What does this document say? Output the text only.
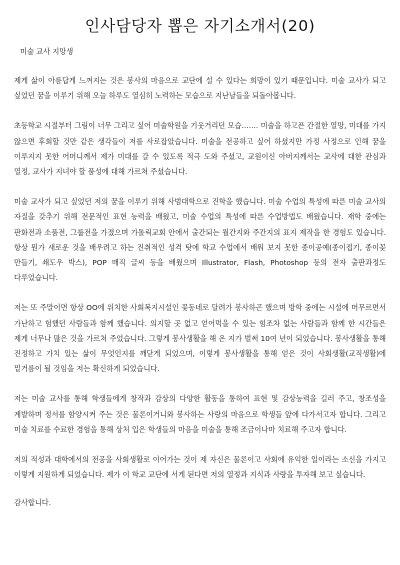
인사담당자 뽑은 자기소개서(20)

미술 교사 지망생

제게 삶이 아름답게 느껴지는 것은 봉사의 마음으로 교단에 설 수 있다는 희망이 있기 때문입니다. 미술 교사가 되고 싶었던 꿈을 이루기 위해 오늘 하루도 열심히 노력하는 모습으로 지난날들을 되돌아봅니다.

초등학교 시절부터 그림이 너무 그리고 싶어 미술학원을 기웃거리던 모습……. 미술을 하고픈 간절한 열망, 미대를 가지 않으면 후회할 것만 같은 생각들이 저를 사로잡았습니다. 미술을 전공하고 싶어 하셨지만 가정 사정으로 인해 꿈을 이루지지 못한 어머니께서 제가 미대를 갈 수 있도록 적극 도와 주셨고, 교원이신 아버지께서는 교사에 대한 관심과 열정, 교사가 지녀야 할 품성에 대해 가르쳐 주셨습니다.

미술 교사가 되고 싶었던 저의 꿈을 이루기 위해 사범대학으로 진학을 했습니다. 미술 수업의 특성에 따른 미술 교사의 자질을 갖추기 위해 전문적인 표현 능력을 배웠고, 미술 수업의 특성에 따른 수업방법도 배웠습니다. 재학 중에는 판화전과 소품전, 그룹전을 가졌으며 가톨릭교회 안에서 출간되는 월간지와 주간지의 표지 제작을 한 경험도 있습니다. 항상 뭔가 새로운 것을 배우려고 하는 진취적인 성격 탓에 학교 수업에서 배워 보지 못한 종이공예(종이접기, 종이꽃 만들기, 쇄도우 박스), POP 매직 글씨 등을 배웠으며 Illustrator, Flash, Photoshop 등의 전자 출판과정도 다루었습니다.

저는 또 주말이면 항상 OO에 위치한 사회복지시설인 꽃동네로 달려가 봉사하곤 했으며 방학 중에는 시설에 머무르면서 가난하고 험했던 사람들과 함께 했습니다. 의지할 곳 없고 얻어먹을 수 있는 힘조차 없는 사람들과 함께 한 시간들은 제게 너무나 많은 것을 가르쳐 주었습니다. 그렇게 봉사생활을 해 온 지가 벌써 10여 년이 되었습니다. 봉사생활을 통해 진정하고 가치 있는 삶이 무엇인지를 깨닫게 되었으며, 이렇게 봉사생활을 통해 얻은 것이 사회생활(교직생활)에 밑거름이 될 것임을 저는 확신하게 되었습니다.

저는 미술 교사를 통해 학생들에게 창작과 감상의 다양한 활동을 통하여 표현 및 감상능력을 길러 주고, 창조성을 계발하며 정서를 함양시켜 주는 것은 물론이거니와 봉사하는 사랑의 마음으로 학생들 앞에 다가서고자 합니다. 그리고 미술 치료를 수료한 경험을 통해 상처 입은 학생들의 마음을 미술을 통해 조금이나마 치료해 주고자 합니다.

저의 적성과 대학에서의 전공을 사회생활로 이어가는 것이 제 자신은 물론이고 사회에 유익한 일이라는 소신을 가지고 이렇게 지원하게 되었습니다. 제가 이 학교 교단에 서게 된다면 저의 열정과 지식과 사랑을 투자해 보고 싶습니다.

감사합니다.
